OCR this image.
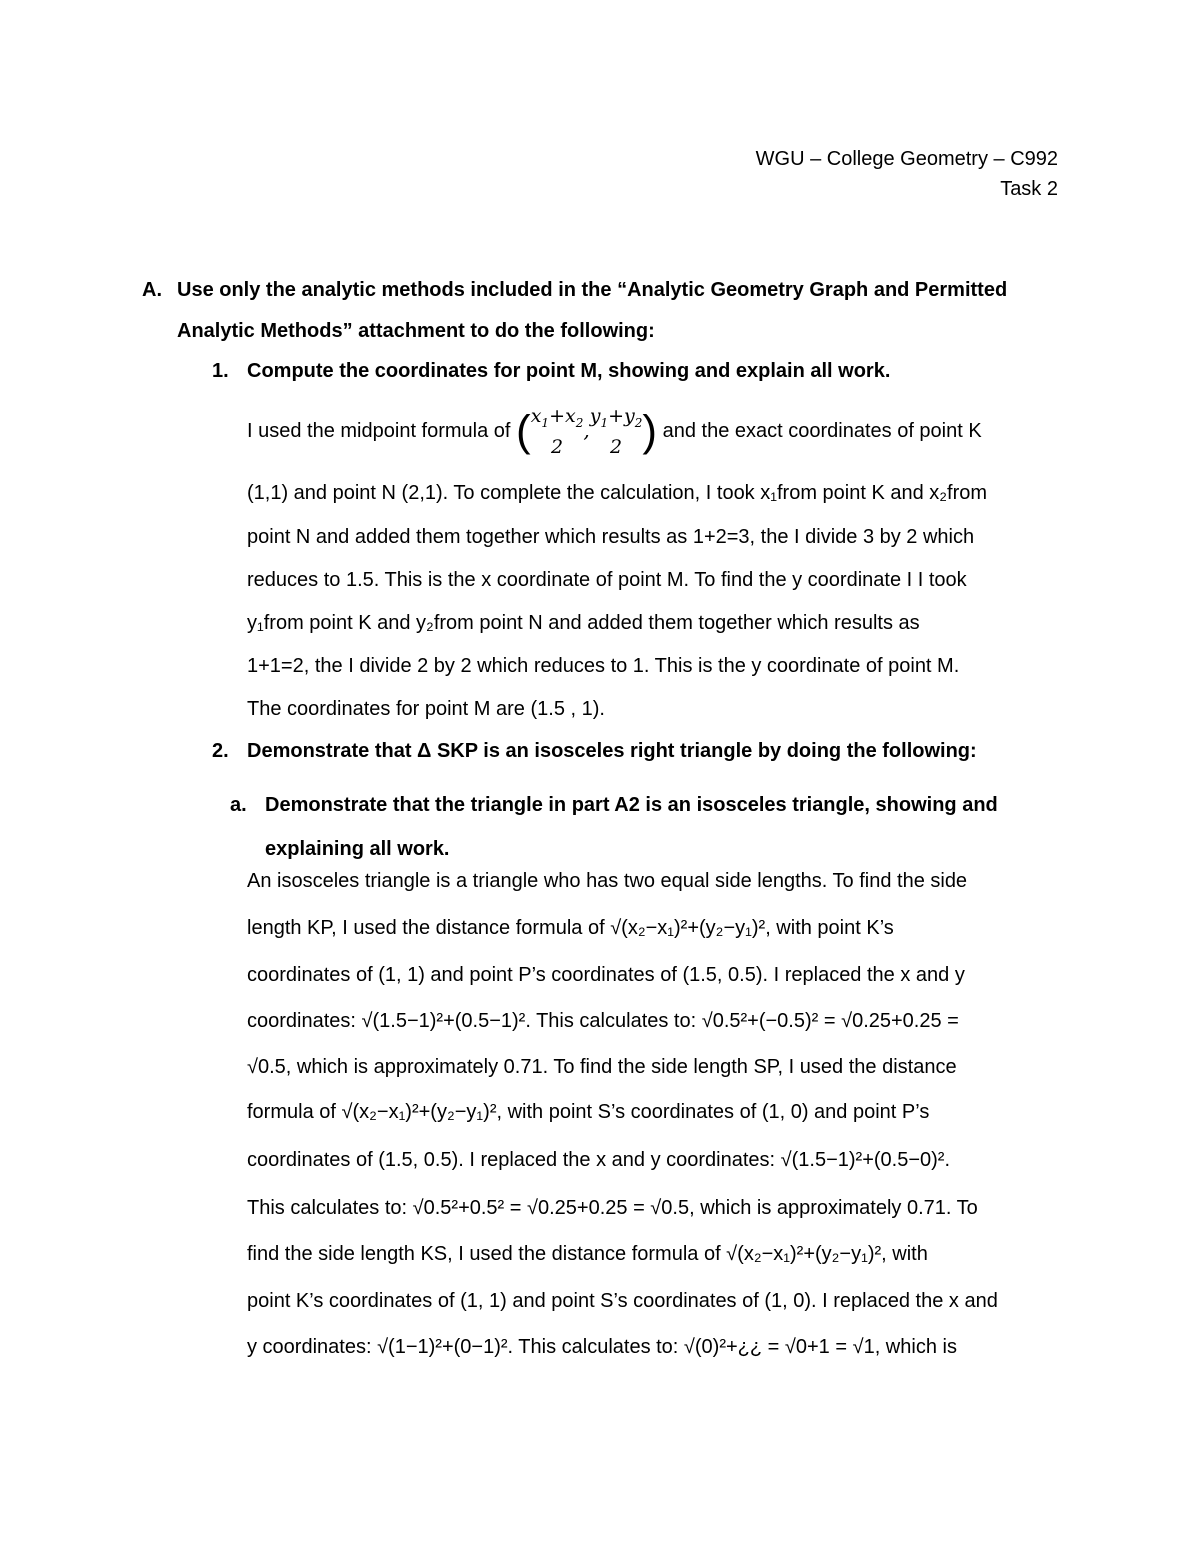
WGU – College Geometry – C992
Task 2
A. Use only the analytic methods included in the “Analytic Geometry Graph and Permitted Analytic Methods” attachment to do the following:
1. Compute the coordinates for point M, showing and explain all work.
I used the midpoint formula of ( $x_1+x_2$
2
,
$y_1+y_2$
2 ) and the exact coordinates of point K
(1,1) and point N (2,1). To complete the calculation, I took x₁from point K and x₂from
point N and added them together which results as 1+2=3, the I divide 3 by 2 which
reduces to 1.5. This is the x coordinate of point M. To find the y coordinate I I took
y₁from point K and y₂from point N and added them together which results as
1+1=2, the I divide 2 by 2 which reduces to 1. This is the y coordinate of point M.
The coordinates for point M are (1.5 , 1).
2. Demonstrate that Δ SKP is an isosceles right triangle by doing the following:
a. Demonstrate that the triangle in part A2 is an isosceles triangle, showing and explaining all work.
An isosceles triangle is a triangle who has two equal side lengths. To find the side
length KP, I used the distance formula of √(x₂−x₁)²+(y₂−y₁)², with point K’s
coordinates of (1, 1) and point P’s coordinates of (1.5, 0.5). I replaced the x and y
coordinates: √(1.5−1)²+(0.5−1)². This calculates to: √0.5²+(−0.5)² = √0.25+0.25 =
√0.5, which is approximately 0.71. To find the side length SP, I used the distance
formula of √(x₂−x₁)²+(y₂−y₁)², with point S’s coordinates of (1, 0) and point P’s
coordinates of (1.5, 0.5). I replaced the x and y coordinates: √(1.5−1)²+(0.5−0)².
This calculates to: √0.5²+0.5² = √0.25+0.25 = √0.5, which is approximately 0.71. To
find the side length KS, I used the distance formula of √(x₂−x₁)²+(y₂−y₁)², with
point K’s coordinates of (1, 1) and point S’s coordinates of (1, 0). I replaced the x and
y coordinates: √(1−1)²+(0−1)². This calculates to: √(0)²+¿¿ = √0+1 = √1, which is
